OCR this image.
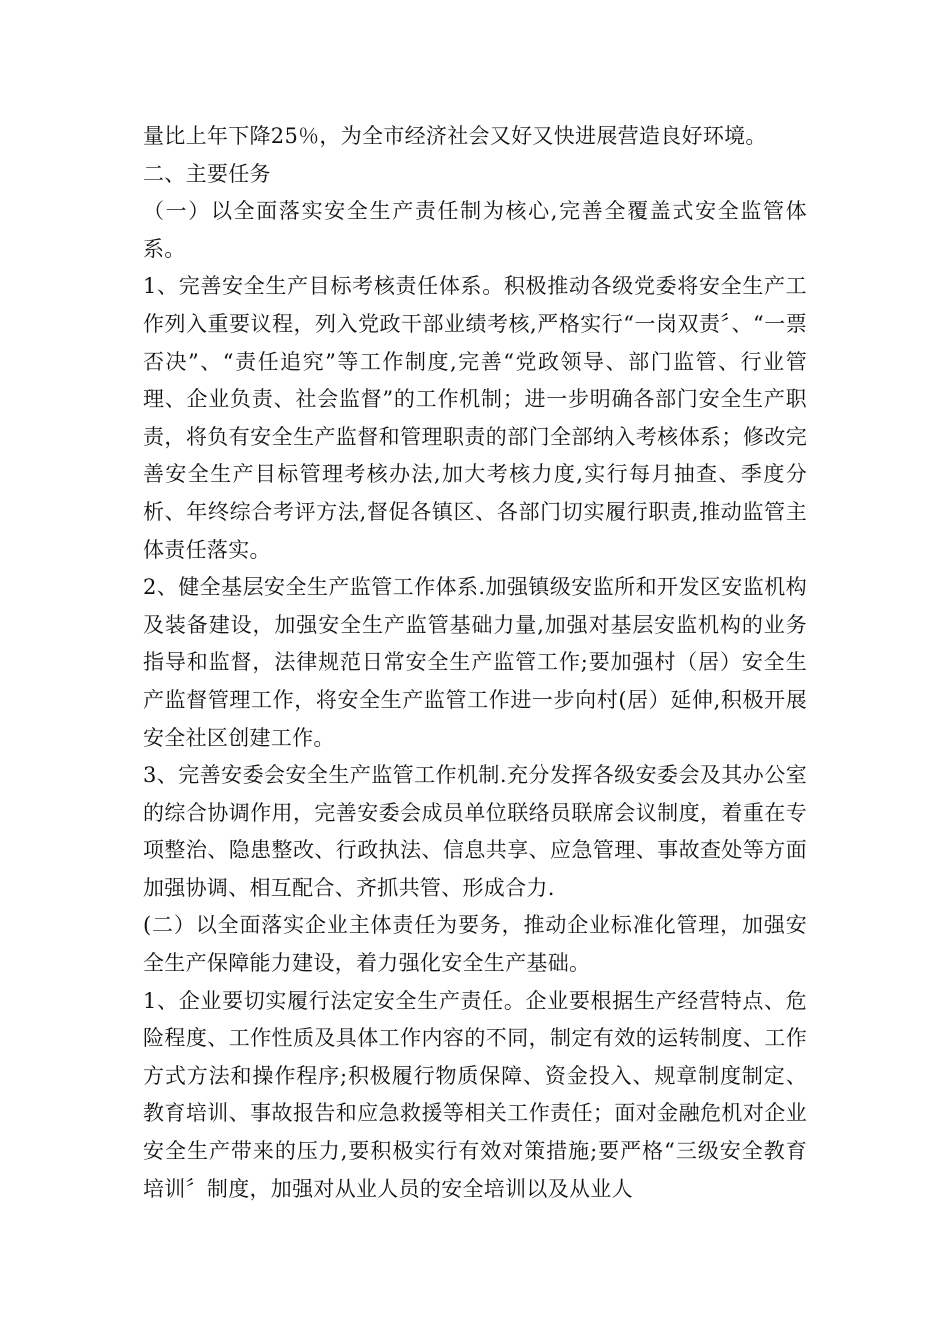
量比上年下降25％，为全市经济社会又好又快进展营造良好环境。

二、主要任务

（一）以全面落实安全生产责任制为核心,完善全覆盖式安全监管体系。

1、完善安全生产目标考核责任体系。积极推动各级党委将安全生产工作列入重要议程，列入党政干部业绩考核,严格实行“一岗双责〞、“一票否决”、“责任追究”等工作制度,完善“党政领导、部门监管、行业管理、企业负责、社会监督”的工作机制；进一步明确各部门安全生产职责，将负有安全生产监督和管理职责的部门全部纳入考核体系；修改完善安全生产目标管理考核办法,加大考核力度,实行每月抽查、季度分析、年终综合考评方法,督促各镇区、各部门切实履行职责,推动监管主体责任落实。

2、健全基层安全生产监管工作体系.加强镇级安监所和开发区安监机构及装备建设，加强安全生产监管基础力量,加强对基层安监机构的业务指导和监督，法律规范日常安全生产监管工作;要加强村（居）安全生产监督管理工作，将安全生产监管工作进一步向村(居）延伸,积极开展安全社区创建工作。

3、完善安委会安全生产监管工作机制.充分发挥各级安委会及其办公室的综合协调作用，完善安委会成员单位联络员联席会议制度，着重在专项整治、隐患整改、行政执法、信息共享、应急管理、事故查处等方面加强协调、相互配合、齐抓共管、形成合力.

(二）以全面落实企业主体责任为要务，推动企业标准化管理，加强安全生产保障能力建设，着力强化安全生产基础。

1、企业要切实履行法定安全生产责任。企业要根据生产经营特点、危险程度、工作性质及具体工作内容的不同，制定有效的运转制度、工作方式方法和操作程序;积极履行物质保障、资金投入、规章制度制定、教育培训、事故报告和应急救援等相关工作责任；面对金融危机对企业安全生产带来的压力,要积极实行有效对策措施;要严格“三级安全教育培训〞制度，加强对从业人员的安全培训以及从业人
